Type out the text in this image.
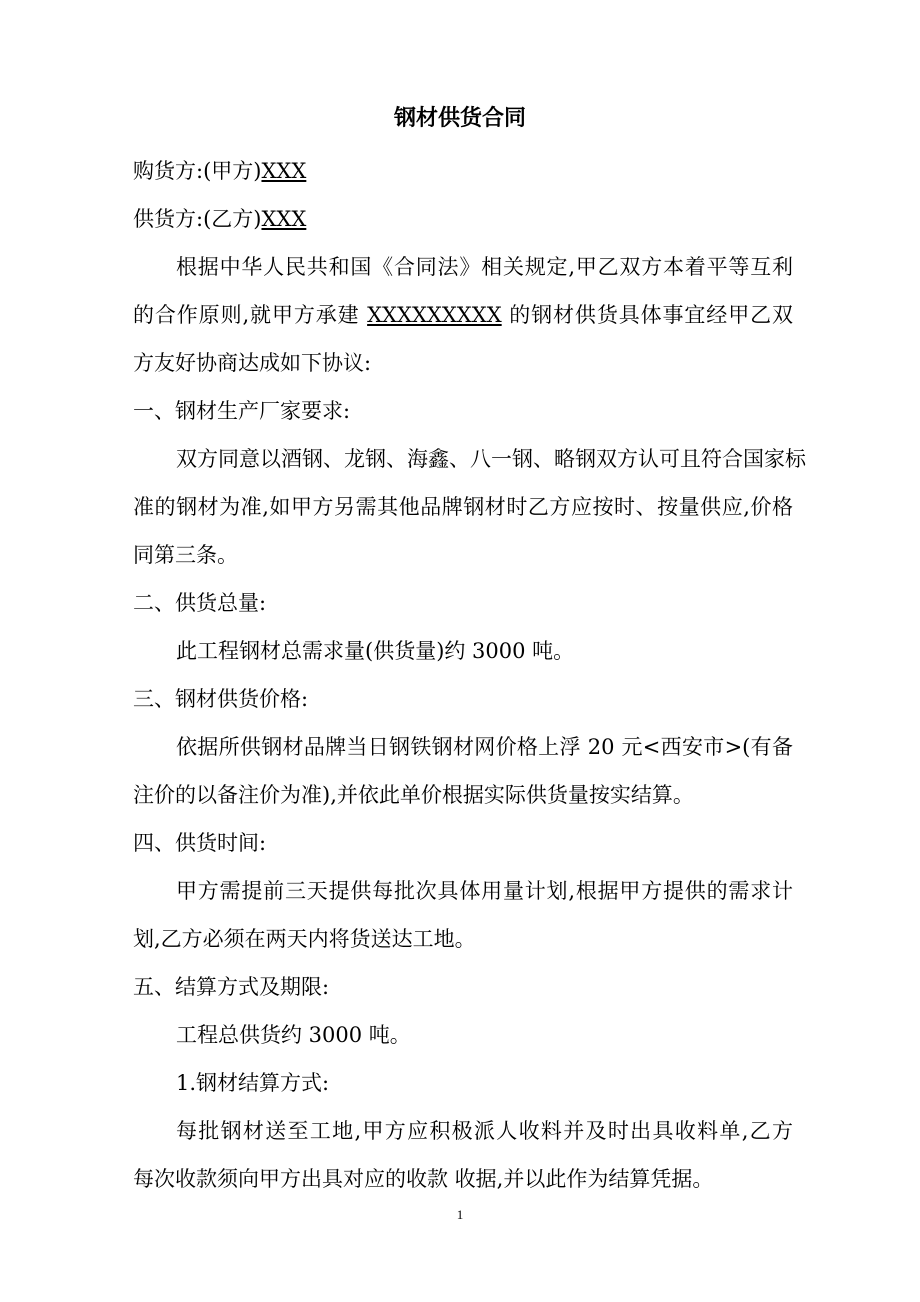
钢材供货合同
购货方:(甲方)XXX
供货方:(乙方)XXX
根据中华人民共和国《合同法》相关规定,甲乙双方本着平等互利
的合作原则,就甲方承建 XXXXXXXXX 的钢材供货具体事宜经甲乙双
方友好协商达成如下协议:
一、钢材生产厂家要求:
双方同意以酒钢、龙钢、海鑫、八一钢、略钢双方认可且符合国家标
准的钢材为准,如甲方另需其他品牌钢材时乙方应按时、按量供应,价格
同第三条。
二、供货总量:
此工程钢材总需求量(供货量)约 3000 吨。
三、钢材供货价格:
依据所供钢材品牌当日钢铁钢材网价格上浮 20 元<西安市>(有备
注价的以备注价为准),并依此单价根据实际供货量按实结算。
四、供货时间:
甲方需提前三天提供每批次具体用量计划,根据甲方提供的需求计
划,乙方必须在两天内将货送达工地。
五、结算方式及期限:
工程总供货约 3000 吨。
1.钢材结算方式:
每批钢材送至工地,甲方应积极派人收料并及时出具收料单,乙方
每次收款须向甲方出具对应的收款 收据,并以此作为结算凭据。
1
